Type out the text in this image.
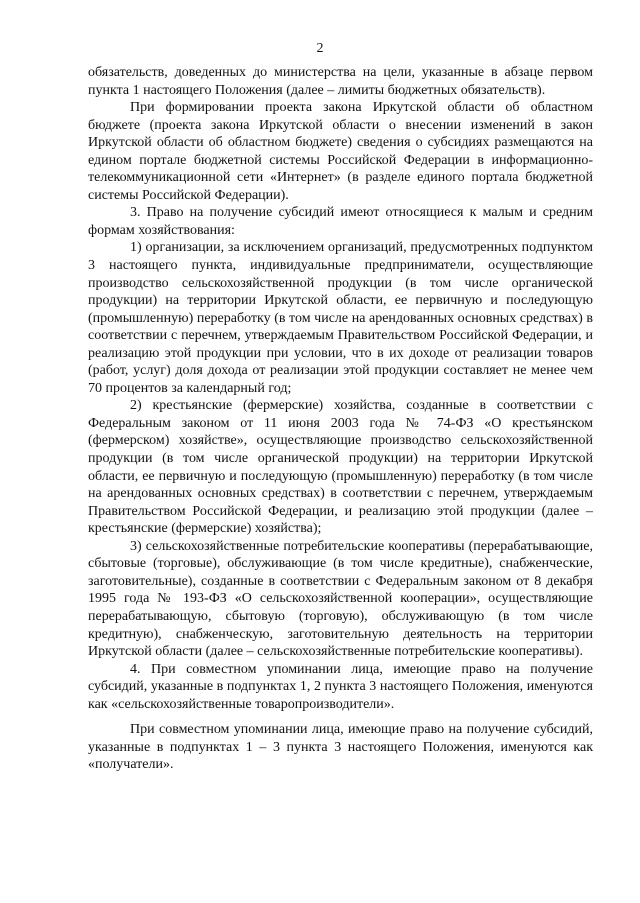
2

обязательств, доведенных до министерства на цели, указанные в абзаце первом пункта 1 настоящего Положения (далее – лимиты бюджетных обязательств).

При формировании проекта закона Иркутской области об областном бюджете (проекта закона Иркутской области о внесении изменений в закон Иркутской области об областном бюджете) сведения о субсидиях размещаются на едином портале бюджетной системы Российской Федерации в информационно-телекоммуникационной сети «Интернет» (в разделе единого портала бюджетной системы Российской Федерации).

3. Право на получение субсидий имеют относящиеся к малым и средним формам хозяйствования:

1) организации, за исключением организаций, предусмотренных подпунктом 3 настоящего пункта, индивидуальные предприниматели, осуществляющие производство сельскохозяйственной продукции (в том числе органической продукции) на территории Иркутской области, ее первичную и последующую (промышленную) переработку (в том числе на арендованных основных средствах) в соответствии с перечнем, утверждаемым Правительством Российской Федерации, и реализацию этой продукции при условии, что в их доходе от реализации товаров (работ, услуг) доля дохода от реализации этой продукции составляет не менее чем 70 процентов за календарный год;

2) крестьянские (фермерские) хозяйства, созданные в соответствии с Федеральным законом от 11 июня 2003 года № 74-ФЗ «О крестьянском (фермерском) хозяйстве», осуществляющие производство сельскохозяйственной продукции (в том числе органической продукции) на территории Иркутской области, ее первичную и последующую (промышленную) переработку (в том числе на арендованных основных средствах) в соответствии с перечнем, утверждаемым Правительством Российской Федерации, и реализацию этой продукции (далее – крестьянские (фермерские) хозяйства);

3) сельскохозяйственные потребительские кооперативы (перерабатывающие, сбытовые (торговые), обслуживающие (в том числе кредитные), снабженческие, заготовительные), созданные в соответствии с Федеральным законом от 8 декабря 1995 года № 193-ФЗ «О сельскохозяйственной кооперации», осуществляющие перерабатывающую, сбытовую (торговую), обслуживающую (в том числе кредитную), снабженческую, заготовительную деятельность на территории Иркутской области (далее – сельскохозяйственные потребительские кооперативы).

4. При совместном упоминании лица, имеющие право на получение субсидий, указанные в подпунктах 1, 2 пункта 3 настоящего Положения, именуются как «сельскохозяйственные товаропроизводители».

При совместном упоминании лица, имеющие право на получение субсидий, указанные в подпунктах 1 – 3 пункта 3 настоящего Положения, именуются как «получатели».
